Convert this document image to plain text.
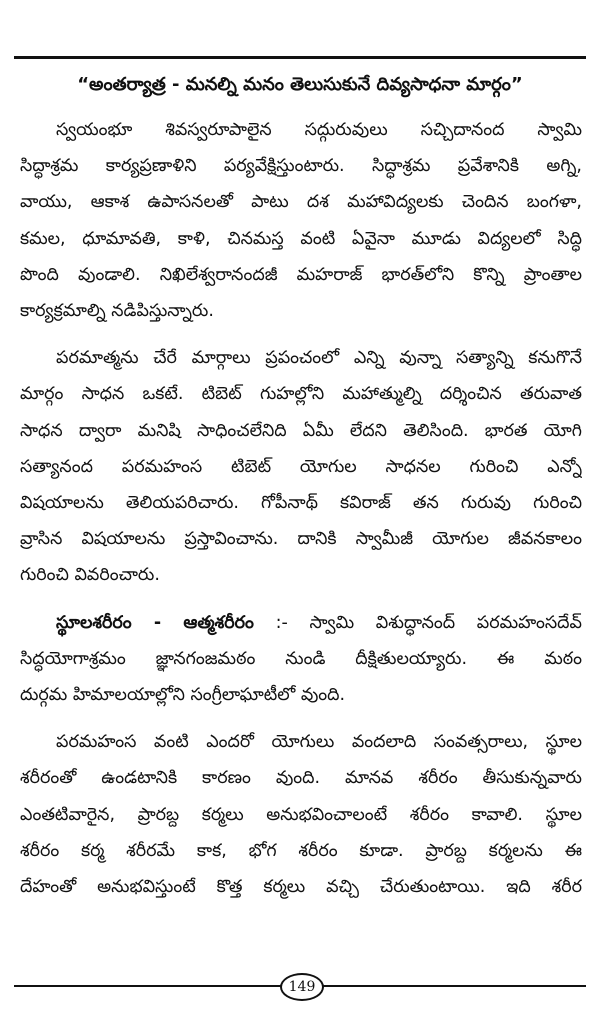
“అంతర్యాత్ర - మనల్ని మనం తెలుసుకునే దివ్యసాధనా మార్గం”
స్వయంభూ శివస్వరూపాలైన సద్గురువులు సచ్చిదానంద స్వామి
సిద్ధాశ్రమ కార్యప్రణాళిని పర్యవేక్షిస్తుంటారు. సిద్ధాశ్రమ ప్రవేశానికి అగ్ని,
వాయు, ఆకాశ ఉపాసనలతో పాటు దశ మహావిద్యలకు చెందిన బంగళా,
కమల, ధూమావతి, కాళి, చినమస్త వంటి ఏవైనా మూడు విద్యలలో సిద్ధి
పొంది వుండాలి. నిఖిలేశ్వరానందజీ మహరాజ్ భారత్‌లోని కొన్ని ప్రాంతాల
కార్యక్రమాల్ని నడిపిస్తున్నారు.
పరమాత్మను చేరే మార్గాలు ప్రపంచంలో ఎన్ని వున్నా సత్యాన్ని కనుగొనే
మార్గం సాధన ఒకటే. టిబెట్ గుహల్లోని మహాత్ముల్ని దర్శించిన తరువాత
సాధన ద్వారా మనిషి సాధించలేనిది ఏమీ లేదని తెలిసింది. భారత యోగి
సత్యానంద పరమహంస టిబెట్ యోగుల సాధనల గురించి ఎన్నో
విషయాలను తెలియపరిచారు. గోపీనాథ్ కవిరాజ్ తన గురువు గురించి
వ్రాసిన విషయాలను ప్రస్తావించాను. దానికి స్వామీజీ యోగుల జీవనకాలం
గురించి వివరించారు.
స్థూలశరీరం - ఆత్మశరీరం :- స్వామి విశుద్ధానంద్ పరమహంసదేవ్
సిద్ధయోగాశ్రమం జ్ఞానగంజమఠం నుండి దీక్షితులయ్యారు. ఈ మఠం
దుర్గమ హిమాలయాల్లోని సంగ్రీలాఘాటీలో వుంది.
పరమహంస వంటి ఎందరో యోగులు వందలాది సంవత్సరాలు, స్థూల
శరీరంతో ఉండటానికి కారణం వుంది. మానవ శరీరం తీసుకున్నవారు
ఎంతటివారైన, ప్రారబ్ద కర్మలు అనుభవించాలంటే శరీరం కావాలి. స్థూల
శరీరం కర్మ శరీరమే కాక, భోగ శరీరం కూడా. ప్రారబ్ద కర్మలను ఈ
దేహంతో అనుభవిస్తుంటే కొత్త కర్మలు వచ్చి చేరుతుంటాయి. ఇది శరీర
149
